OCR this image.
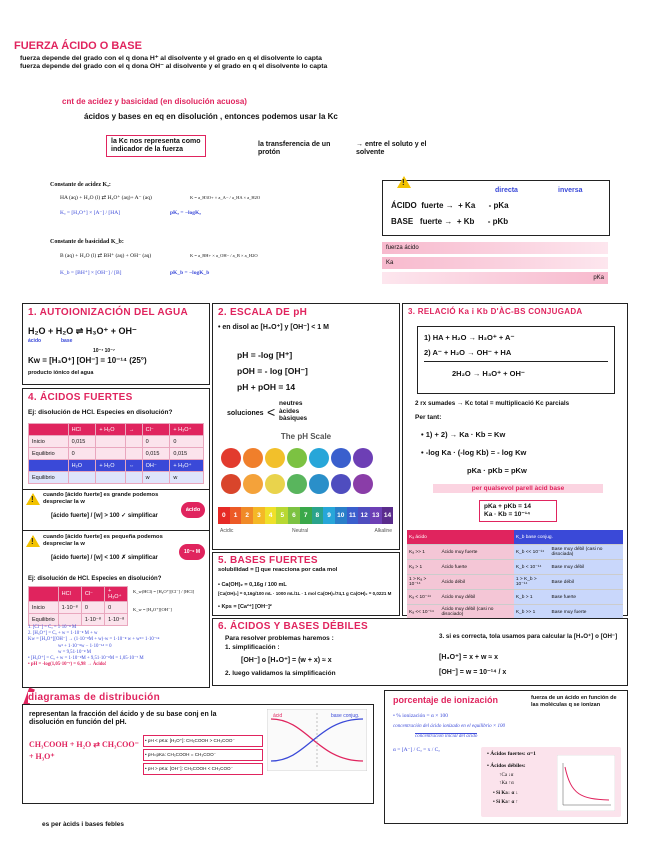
FUERZA ÁCIDO O BASE
fuerza depende del grado con el q dona H⁺ al disolvente y el grado en q el disolvente lo capta
fuerza depende del grado con el q dona OH⁻ al disolvente y el grado en q el disolvente lo capta
cnt de acidez y basicidad (en disolución acuosa)
ácidos y bases en eq en disolución , entonces podemos usar la Kc
la Kc nos representa como indicador de la fuerza
la transferencia de un protón
→ entre el soluto y el solvente
Constante de acidez Kₐ:
HA (aq) + H₂O (l) ⇄ H₃O⁺ (aq)+ A⁻ (aq)	K = a_H3O+ × a_A− / a_HA × a_H2O
Kₐ = [H₃O⁺] × [A⁻] / [HA]	pKₐ = −logKₐ
Constante de basicidad K_b:
B (aq) + H₂O (l) ⇄ BH⁺ (aq) + OH⁻ (aq)	K = a_BH+ × a_OH− / a_B × a_H2O
K_b = [BH⁺] × [OH⁻] / [B]	pK_b = −logK_b
!
directa	inversa
ÁCIDO fuerte → + Ka - pKa
BASE fuerte → + Kb - pKb
fuerza ácido
Ka
pKa
1. AUTOIONIZACIÓN DEL AGUA
H₂O + H₂O ⇌ H₃O⁺ + OH⁻
ácido	base
10⁻⁷ 10⁻⁷
Kw = [H₃O⁺] [OH⁻] = 10⁻¹⁴ (25°)
producto iónico del agua
4. ÁCIDOS FUERTES
Ej: disolución de HCl. Especies en disolución?
	HCl	+ H₂O	→	Cl⁻	+ H₃O⁺
Inicio	0,015			0	0
Equilibrio	0			0,015	0,015
	H₂O	+ H₂O	⇔	OH⁻	+ H₃O⁺
Equilibrio				w	w
! cuando [ácido fuerte] es grande podemos despreciar la w
[ácido fuerte] / [w] > 100 ✓ simplificar
ácido
! cuando [ácido fuerte] es pequeña podemos despreciar la w
[ácido fuerte] / [w] < 100 ✗ simplificar
10⁻⁸ M
Ej: disolución de HCl. Especies en disolución?
	HCl	Cl⁻	+ H₃O⁺
Inicio	1·10⁻⁸	0	0
Equilibrio		1·10⁻⁸	1·10⁻⁸
K_w(HCl) = [H₃O⁺][Cl⁻] / [HCl]
K_w = [H₃O⁺][OH⁻]
1. [Cl⁻] = Cₐ = 1·10⁻⁸ M
2. [H₃O⁺] = Cₐ + w = 1·10⁻⁸ M + w
Kw = [H₃O⁺][OH⁻] → (1·10⁻⁸M + w)·w = 1·10⁻⁸ w + w²= 1·10⁻¹⁴
w² + 1·10⁻⁸w − 1·10⁻¹⁴ = 0
w = 9,51·10⁻⁸ M
• [H₃O⁺] = Cₐ + w = 1·10⁻⁸M + 9,51·10⁻⁸M = 1,05·10⁻⁷ M
• pH = -log(1,05·10⁻⁷) = 6,98 → Ácido!
2. ESCALA DE pH
• en disol ac [H₃O⁺] y [OH⁻] < 1 M
pH = -log [H⁺]
pOH = - log [OH⁻]
pH + pOH = 14
soluciones <
neutres
àcides
bàsiques
The pH Scale
0 1 2 3 4 5 6 7 8 9 10 11 12 13 14
Acidic	Neutral	Alkaline
5. BASES FUERTES
solubilidad = [] que reacciona por cada mol
• Ca(OH)₂ = 0,16g / 100 mL
[Ca(OH)₂] = 0,16g/100 mL · 1000 mL/1L · 1 mol Ca(OH)₂/74,1 g Ca(OH)₂ = 0,0221 M
• Kps = [Ca²⁺] [OH⁻]²
3. RELACIÓ Ka i Kb D'ÀC-BS CONJUGADA
1) HA + H₂O → H₃O⁺ + A⁻
2) A⁻ + H₂O → OH⁻ + HA
2H₂O → H₃O⁺ + OH⁻
2 rx sumades → Kc total = multiplicació Kc parcials
Per tant:
• 1) + 2) → Ka · Kb = Kw
• -log Ka · (-log Kb) = - log Kw
pKa · pKb = pKw
per qualsevol parell àcid base
pKa + pKb = 14
Ka · Kb = 10⁻¹⁴
Kₐ ácido		K_b base conjug.	
Kₐ >> 1	Ácido muy fuerte	K_b << 10⁻¹⁴	Base muy débil (casi no disociada)
Kₐ > 1	Ácido fuerte	K_b < 10⁻¹⁴	Base muy débil
1 > Kₐ > 10⁻¹⁴	Ácido débil	1 > K_b > 10⁻¹⁴	Base débil
Kₐ < 10⁻¹⁴	Ácido muy débil	K_b > 1	Base fuerte
Kₐ << 10⁻¹⁴	Ácido muy débil (casi no disociado)	K_b >> 1	Base muy fuerte
6. ÁCIDOS Y BASES DÉBILES
Para resolver problemas haremos :
1. simplificación :
[OH⁻] o [H₃O⁺] = (w + x) ≈ x
2. luego validamos la simplificación
3. si es correcta, tola usamos para calcular la [H₃O⁺] o [OH⁻]
[H₃O⁺] = x + w ≈ x
[OH⁻] = w = 10⁻¹⁴ / x
diagramas de distribución
representan la fracción del ácido y de su base conj en la disolución en función del pH.
CH₃COOH + H₂O ⇄ CH₃COO⁻ + H₃O⁺
• pH < pKa: [H₃O⁺]: CH₃COOH > CH₃COO⁻
• pH=pKa: CH₃COOH = CH₃COO⁻
• pH > pKa: [OH⁻]: CH₃COOH < CH₃COO⁻
ácid	base conjug.
es per àcids i bases febles
porcentaje de ionización	fuerza de un ácido en función de las moléculas q se ionizan
• % ionización = α × 100
concentración del ácido ionizado en el equilibrio × 100
concentración inicial del ácido
α = [A⁻] / Cₐ = x / Cₐ
• Ácidos fuertes: α=1
• Ácidos débiles:
↑Ca ↓α
↑Ka ↑α
• Si Ka↓ α ↓
• Si Ka↑ α ↑
